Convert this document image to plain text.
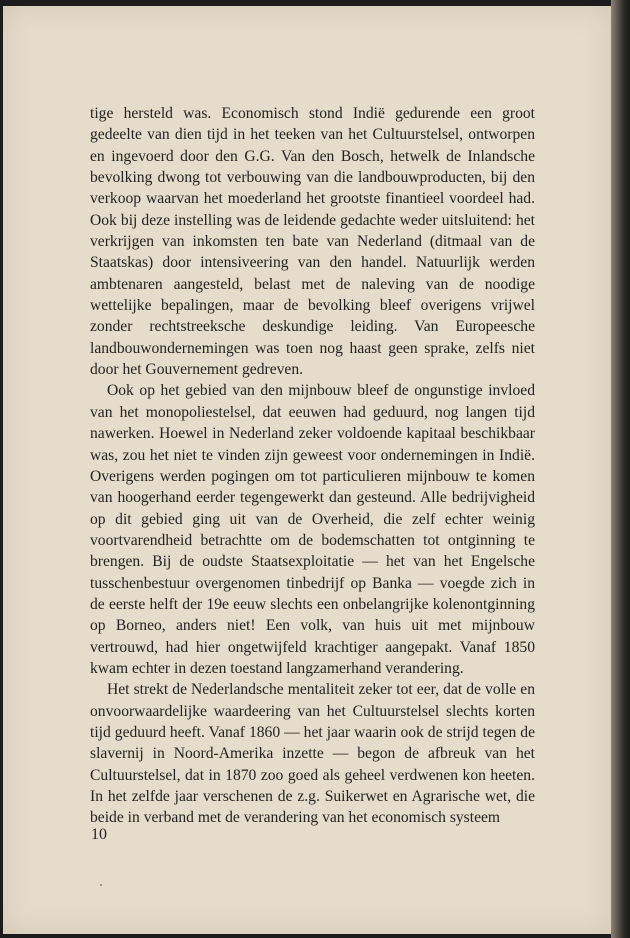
tige hersteld was. Economisch stond Indië gedurende een groot gedeelte van dien tijd in het teeken van het Cultuurstelsel, ontworpen en ingevoerd door den G.G. Van den Bosch, hetwelk de Inlandsche bevolking dwong tot verbouwing van die landbouwproducten, bij den verkoop waarvan het moederland het grootste finantieel voordeel had. Ook bij deze instelling was de leidende gedachte weder uitsluitend: het verkrijgen van inkomsten ten bate van Nederland (ditmaal van de Staatskas) door intensiveering van den handel. Natuurlijk werden ambtenaren aangesteld, belast met de naleving van de noodige wettelijke bepalingen, maar de bevolking bleef overigens vrijwel zonder rechtstreeksche deskundige leiding. Van Europeesche landbouwondernemingen was toen nog haast geen sprake, zelfs niet door het Gouvernement gedreven.

Ook op het gebied van den mijnbouw bleef de ongunstige invloed van het monopoliestelsel, dat eeuwen had geduurd, nog langen tijd nawerken. Hoewel in Nederland zeker voldoende kapitaal beschikbaar was, zou het niet te vinden zijn geweest voor ondernemingen in Indië. Overigens werden pogingen om tot particulieren mijnbouw te komen van hoogerhand eerder tegengewerkt dan gesteund. Alle bedrijvigheid op dit gebied ging uit van de Overheid, die zelf echter weinig voortvarendheid betrachtte om de bodemschatten tot ontginning te brengen. Bij de oudste Staatsexploitatie — het van het Engelsche tusschenbestuur overgenomen tinbedrijf op Banka — voegde zich in de eerste helft der 19e eeuw slechts een onbelangrijke kolenontginning op Borneo, anders niet! Een volk, van huis uit met mijnbouw vertrouwd, had hier ongetwijfeld krachtiger aangepakt. Vanaf 1850 kwam echter in dezen toestand langzamerhand verandering.

Het strekt de Nederlandsche mentaliteit zeker tot eer, dat de volle en onvoorwaardelijke waardeering van het Cultuurstelsel slechts korten tijd geduurd heeft. Vanaf 1860 — het jaar waarin ook de strijd tegen de slavernij in Noord-Amerika inzette — begon de afbreuk van het Cultuurstelsel, dat in 1870 zoo goed als geheel verdwenen kon heeten. In het zelfde jaar verschenen de z.g. Suikerwet en Agrarische wet, die beide in verband met de verandering van het economisch systeem

10
